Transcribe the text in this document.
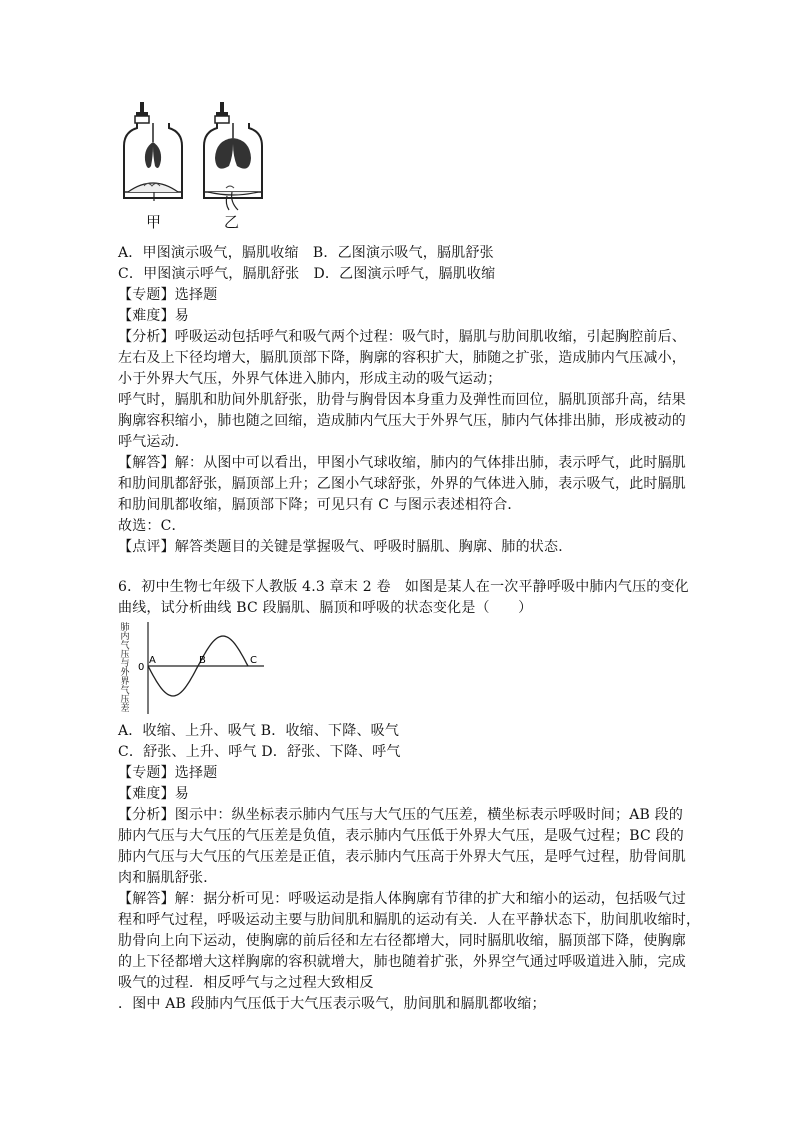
甲	乙
A．甲图演示吸气，膈肌收缩　B．乙图演示吸气，膈肌舒张
C．甲图演示呼气，膈肌舒张　D．乙图演示呼气，膈肌收缩
【专题】选择题
【难度】易
【分析】呼吸运动包括呼气和吸气两个过程：吸气时，膈肌与肋间肌收缩，引起胸腔前后、
左右及上下径均增大，膈肌顶部下降，胸廓的容积扩大，肺随之扩张，造成肺内气压减小，
小于外界大气压，外界气体进入肺内，形成主动的吸气运动；
呼气时，膈肌和肋间外肌舒张，肋骨与胸骨因本身重力及弹性而回位，膈肌顶部升高，结果
胸廓容积缩小，肺也随之回缩，造成肺内气压大于外界气压，肺内气体排出肺，形成被动的
呼气运动．
【解答】解：从图中可以看出，甲图小气球收缩，肺内的气体排出肺，表示呼气，此时膈肌
和肋间肌都舒张，膈顶部上升；乙图小气球舒张，外界的气体进入肺，表示吸气，此时膈肌
和肋间肌都收缩，膈顶部下降；可见只有 C 与图示表述相符合．
故选：C．
【点评】解答类题目的关键是掌握吸气、呼吸时膈肌、胸廓、肺的状态．
6．初中生物七年级下人教版 4.3 章末 2 卷　如图是某人在一次平静呼吸中肺内气压的变化
曲线，试分析曲线 BC 段膈肌、膈顶和呼吸的状态变化是（　　）
肺
内
气
压
与
外
界
气
压
差
0
A	B	C
A．收缩、上升、吸气 B．收缩、下降、吸气
C．舒张、上升、呼气 D．舒张、下降、呼气
【专题】选择题
【难度】易
【分析】图示中：纵坐标表示肺内气压与大气压的气压差，横坐标表示呼吸时间；AB 段的
肺内气压与大气压的气压差是负值，表示肺内气压低于外界大气压，是吸气过程；BC 段的
肺内气压与大气压的气压差是正值，表示肺内气压高于外界大气压，是呼气过程，肋骨间肌
肉和膈肌舒张．
【解答】解：据分析可见：呼吸运动是指人体胸廓有节律的扩大和缩小的运动，包括吸气过
程和呼气过程，呼吸运动主要与肋间肌和膈肌的运动有关．人在平静状态下，肋间肌收缩时，
肋骨向上向下运动，使胸廓的前后径和左右径都增大，同时膈肌收缩，膈顶部下降，使胸廓
的上下径都增大这样胸廓的容积就增大，肺也随着扩张，外界空气通过呼吸道进入肺，完成
吸气的过程．相反呼气与之过程大致相反
．图中 AB 段肺内气压低于大气压表示吸气，肋间肌和膈肌都收缩；
